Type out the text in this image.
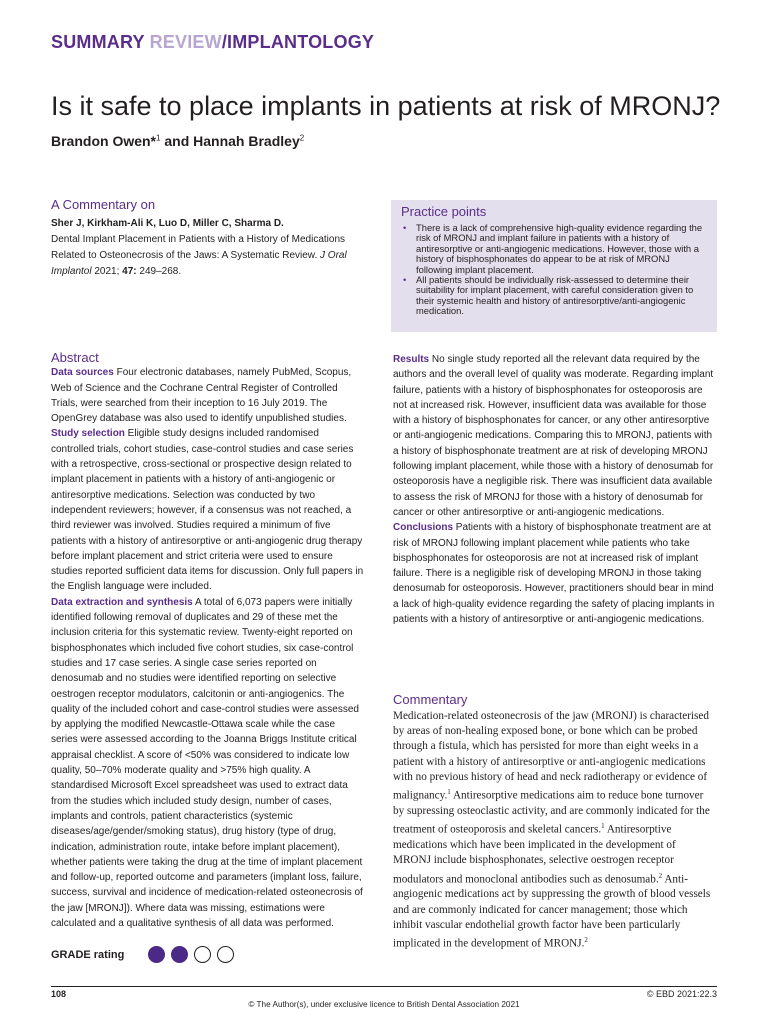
SUMMARY REVIEW/IMPLANTOLOGY
Is it safe to place implants in patients at risk of MRONJ?
Brandon Owen*$^1$ and Hannah Bradley$^2$
A Commentary on
Sher J, Kirkham-Ali K, Luo D, Miller C, Sharma D.
Dental Implant Placement in Patients with a History of Medications Related to Osteonecrosis of the Jaws: A Systematic Review. J Oral Implantol 2021; 47: 249–268.
Practice points
• There is a lack of comprehensive high-quality evidence regarding the risk of MRONJ and implant failure in patients with a history of antiresorptive or anti-angiogenic medications. However, those with a history of bisphosphonates do appear to be at risk of MRONJ following implant placement.
• All patients should be individually risk-assessed to determine their suitability for implant placement, with careful consideration given to their systemic health and history of antiresorptive/anti-angiogenic medication.
Abstract

Data sources Four electronic databases, namely PubMed, Scopus, Web of Science and the Cochrane Central Register of Controlled Trials, were searched from their inception to 16 July 2019. The OpenGrey database was also used to identify unpublished studies.

Study selection Eligible study designs included randomised controlled trials, cohort studies, case-control studies and case series with a retrospective, cross-sectional or prospective design related to implant placement in patients with a history of anti-angiogenic or antiresorptive medications. Selection was conducted by two independent reviewers; however, if a consensus was not reached, a third reviewer was involved. Studies required a minimum of five patients with a history of antiresorptive or anti-angiogenic drug therapy before implant placement and strict criteria were used to ensure studies reported sufficient data items for discussion. Only full papers in the English language were included.

Data extraction and synthesis A total of 6,073 papers were initially identified following removal of duplicates and 29 of these met the inclusion criteria for this systematic review. Twenty-eight reported on bisphosphonates which included five cohort studies, six case-control studies and 17 case series. A single case series reported on denosumab and no studies were identified reporting on selective oestrogen receptor modulators, calcitonin or anti-angiogenics. The quality of the included cohort and case-control studies were assessed by applying the modified Newcastle-Ottawa scale while the case series were assessed according to the Joanna Briggs Institute critical appraisal checklist. A score of <50% was considered to indicate low quality, 50–70% moderate quality and >75% high quality. A standardised Microsoft Excel spreadsheet was used to extract data from the studies which included study design, number of cases, implants and controls, patient characteristics (systemic diseases/age/gender/smoking status), drug history (type of drug, indication, administration route, intake before implant placement), whether patients were taking the drug at the time of implant placement and follow-up, reported outcome and parameters (implant loss, failure, success, survival and incidence of medication-related osteonecrosis of the jaw [MRONJ]). Where data was missing, estimations were calculated and a qualitative synthesis of all data was performed.

Results No single study reported all the relevant data required by the authors and the overall level of quality was moderate. Regarding implant failure, patients with a history of bisphosphonates for osteoporosis are not at increased risk. However, insufficient data was available for those with a history of bisphosphonates for cancer, or any other antiresorptive or anti-angiogenic medications. Comparing this to MRONJ, patients with a history of bisphosphonate treatment are at risk of developing MRONJ following implant placement, while those with a history of denosumab for osteoporosis have a negligible risk. There was insufficient data available to assess the risk of MRONJ for those with a history of denosumab for cancer or other antiresorptive or anti-angiogenic medications.

Conclusions Patients with a history of bisphosphonate treatment are at risk of MRONJ following implant placement while patients who take bisphosphonates for osteoporosis are not at increased risk of implant failure. There is a negligible risk of developing MRONJ in those taking denosumab for osteoporosis. However, practitioners should bear in mind a lack of high-quality evidence regarding the safety of placing implants in patients with a history of antiresorptive or anti-angiogenic medications.

Commentary
Medication-related osteonecrosis of the jaw (MRONJ) is characterised by areas of non-healing exposed bone, or bone which can be probed through a fistula, which has persisted for more than eight weeks in a patient with a history of antiresorptive or anti-angiogenic medications with no previous history of head and neck radiotherapy or evidence of malignancy.$^1$ Antiresorptive medications aim to reduce bone turnover by supressing osteoclastic activity, and are commonly indicated for the treatment of osteoporosis and skeletal cancers.$^1$ Antiresorptive medications which have been implicated in the development of MRONJ include bisphosphonates, selective oestrogen receptor modulators and monoclonal antibodies such as denosumab.$^2$ Anti-angiogenic medications act by suppressing the growth of blood vessels and are commonly indicated for cancer management; those which inhibit vascular endothelial growth factor have been particularly implicated in the development of MRONJ.$^2$
GRADE rating
108	© EBD 2021:22.3
© The Author(s), under exclusive licence to British Dental Association 2021
